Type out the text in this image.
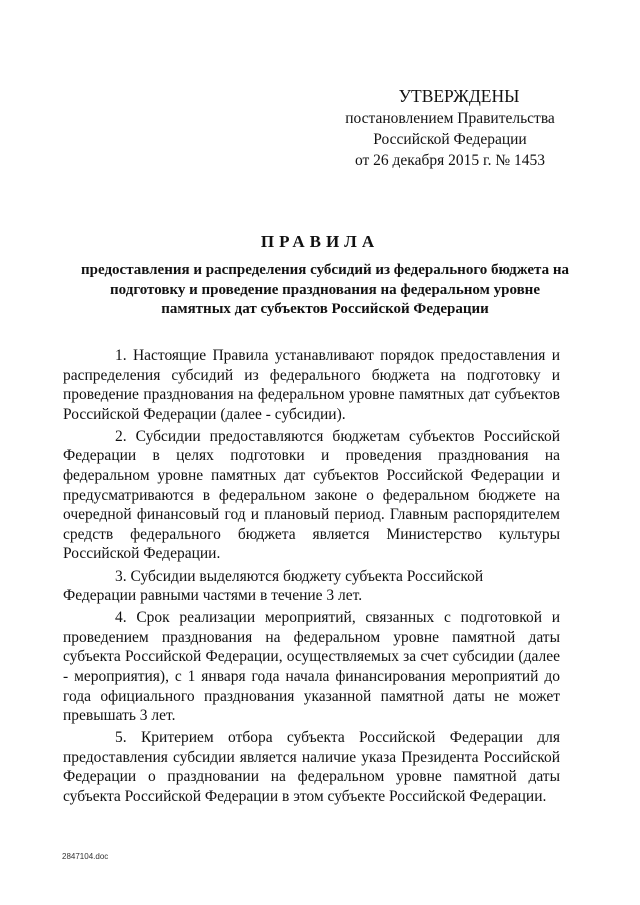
УТВЕРЖДЕНЫ
постановлением Правительства
Российской Федерации
от 26 декабря 2015 г. № 1453
ПРАВИЛА
предоставления и распределения субсидий из федерального бюджета на подготовку и проведение празднования на федеральном уровне памятных дат субъектов Российской Федерации

1. Настоящие Правила устанавливают порядок предоставления и распределения субсидий из федерального бюджета на подготовку и проведение празднования на федеральном уровне памятных дат субъектов Российской Федерации (далее - субсидии).

2. Субсидии предоставляются бюджетам субъектов Российской Федерации в целях подготовки и проведения празднования на федеральном уровне памятных дат субъектов Российской Федерации и предусматриваются в федеральном законе о федеральном бюджете на очередной финансовый год и плановый период. Главным распорядителем средств федерального бюджета является Министерство культуры Российской Федерации.

3. Субсидии выделяются бюджету субъекта Российской Федерации равными частями в течение 3 лет.

4. Срок реализации мероприятий, связанных с подготовкой и проведением празднования на федеральном уровне памятной даты субъекта Российской Федерации, осуществляемых за счет субсидии (далее - мероприятия), с 1 января года начала финансирования мероприятий до года официального празднования указанной памятной даты не может превышать 3 лет.

5. Критерием отбора субъекта Российской Федерации для предоставления субсидии является наличие указа Президента Российской Федерации о праздновании на федеральном уровне памятной даты субъекта Российской Федерации в этом субъекте Российской Федерации.

2847104.doc
